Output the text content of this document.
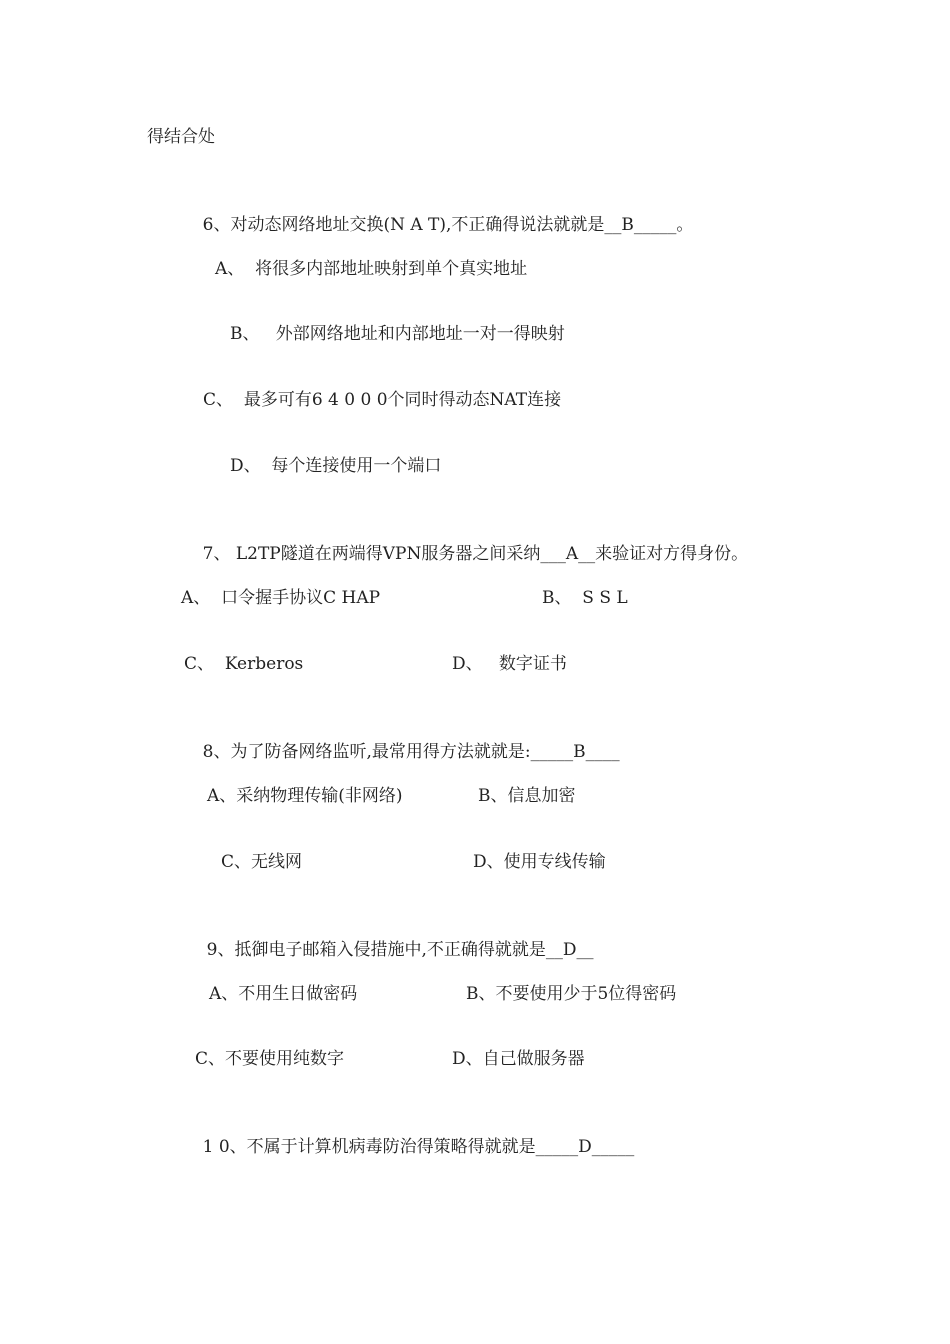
得结合处

6、对动态网络地址交换(N A T),不正确得说法就就是__B_____。

A、  将很多内部地址映射到单个真实地址
B、   外部网络地址和内部地址一对一得映射
C、  最多可有6 4 0 0 0个同时得动态NAT连接
D、  每个连接使用一个端口

7、 L2TP隧道在两端得VPN服务器之间采纳___A__来验证对方得身份。

A、  口令握手协议C HAP	B、  S S L
C、  Kerberos	D、   数字证书

8、为了防备网络监听,最常用得方法就就是:_____B____

A、采纳物理传输(非网络)	B、信息加密
C、无线网	D、使用专线传输

9、抵御电子邮箱入侵措施中,不正确得就就是__D__

A、不用生日做密码	B、不要使用少于5位得密码
C、不要使用纯数字	D、自己做服务器

1 0、不属于计算机病毒防治得策略得就就是_____D_____
